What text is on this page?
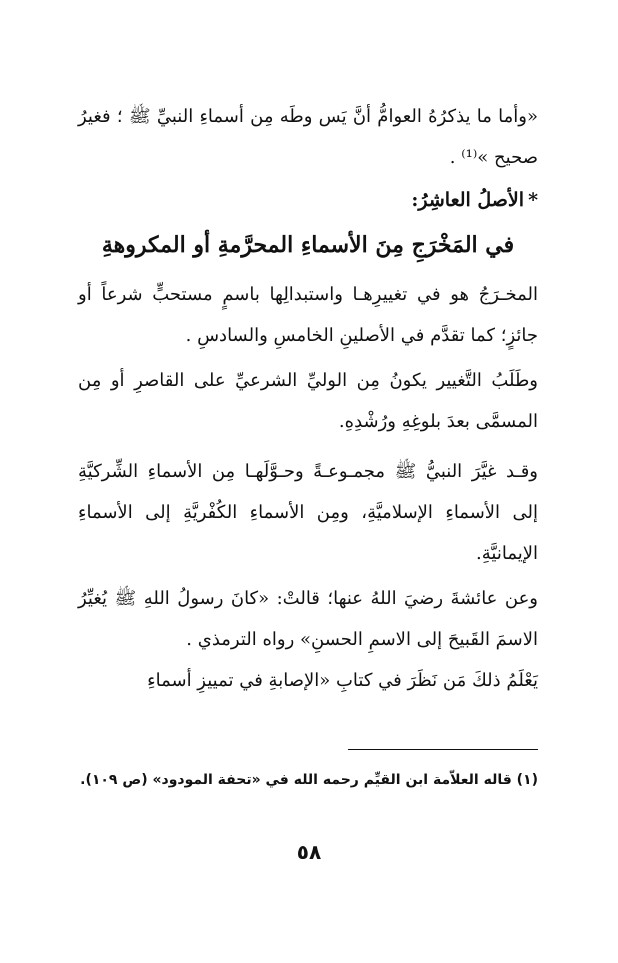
«وأما ما يذكرُهُ العوامُّ أنَّ يَس وطَه مِن أسماءِ النبيِّ ﷺ ؛ فغيرُ صحيح »⁽¹⁾ .

*الأصلُ العاشِرُ:

في المَخْرَجِ مِنَ الأسماءِ المحرَّمةِ أو المكروهةِ

المخـرَجُ هو في تغييرِهـا واستبدالِها باسمٍ مستحبٍّ شرعاً أو جائزٍ؛ كما تقدَّم في الأصلينِ الخامسِ والسادسِ .

وطَلَبُ التَّغيير يكونُ مِن الوليِّ الشرعيِّ على القاصرِ أو مِن المسمَّى بعدَ بلوغِهِ ورُشْدِهِ.

وقـد غيَّرَ النبيُّ ﷺ مجمـوعـةً وحـوَّلَهـا مِن الأسماءِ الشِّركيَّةِ إلى الأسماءِ الإسلاميَّةِ، ومِن الأسماءِ الكُفْريَّةِ إلى الأسماءِ الإيمانيَّةِ.

وعن عائشةَ رضيَ اللهُ عنها؛ قالتْ: «كانَ رسولُ اللهِ ﷺ يُغيِّرُ الاسمَ القَبيحَ إلى الاسمِ الحسنِ» رواه الترمذي .

يَعْلَمُ ذلكَ مَن نَظَرَ في كتابِ «الإصابةِ في تمييزِ أسماءِ

(١) قاله العلاّمة ابن القيِّم رحمه الله في «تحفة المودود» (ص ١٠٩).

٥٨
